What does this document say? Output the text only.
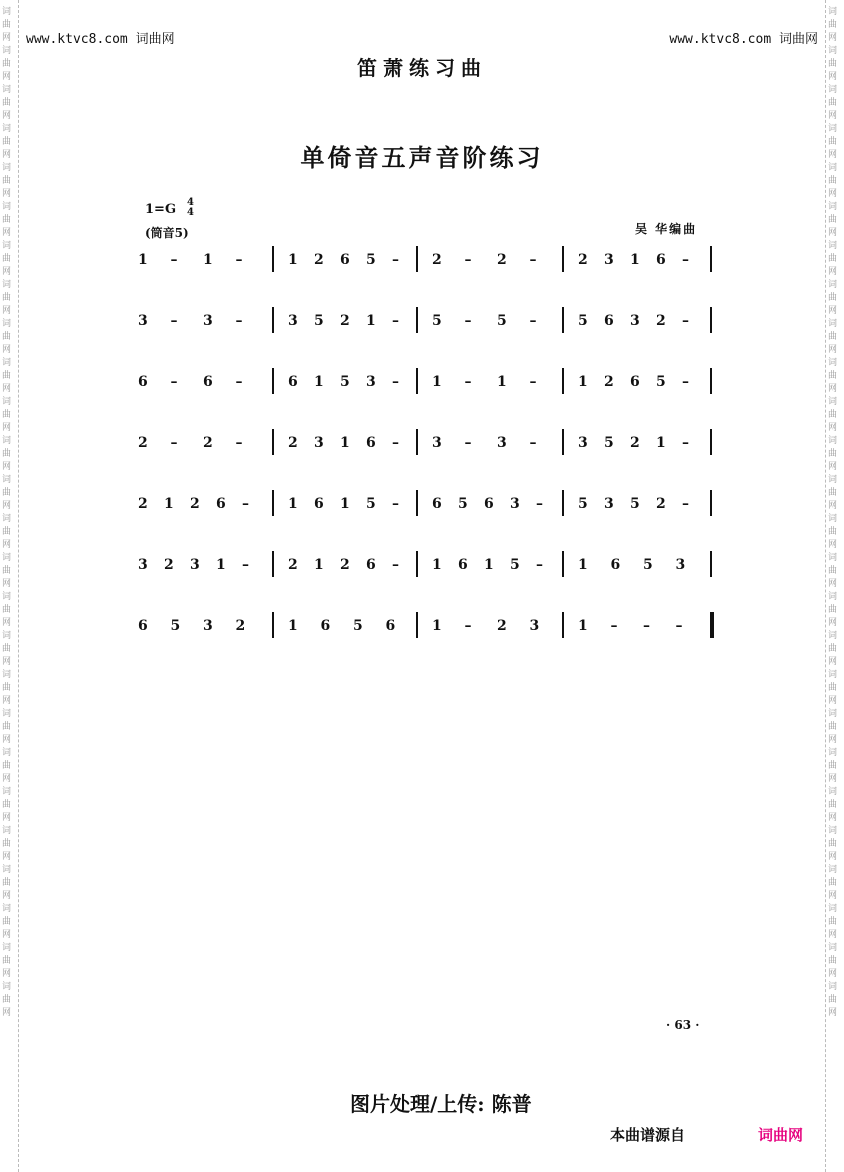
词曲网词曲网词曲网词曲网词曲网词曲网词曲网词曲网词曲网词曲网词曲网词曲网词曲网词曲网词曲网词曲网词曲网词曲网词曲网词曲网词曲网词曲网词曲网词曲网词曲网词曲网
词曲网词曲网词曲网词曲网词曲网词曲网词曲网词曲网词曲网词曲网词曲网词曲网词曲网词曲网词曲网词曲网词曲网词曲网词曲网词曲网词曲网词曲网词曲网词曲网词曲网词曲网
www.ktvc8.com 词曲网	www.ktvc8.com 词曲网
笛萧练习曲
单倚音五声音阶练习
1=G 4
4
(筒音5)	吴 华编曲
1 – 1 –	1 2 6 5 – 2 – 2 –	2 3 1 6 –
3 – 3 –	3 5 2 1 – 5 – 5 –	5 6 3 2 –
6 – 6 –	6 1 5 3 – 1 – 1 –	1 2 6 5 –
2 – 2 –	2 3 1 6 – 3 – 3 –	3 5 2 1 –
2 1 2 6 –	1 6 1 5 – 6 5 6 3 –	5 3 5 2 –
3 2 3 1 –	2 1 2 6 – 1 6 1 5 –	1 6 5 3
6 5 3 2	1 6 5 6	1 – 2 3	1 – – –
· 63 ·
图片处理/上传: 陈普
本曲谱源自	词曲网
